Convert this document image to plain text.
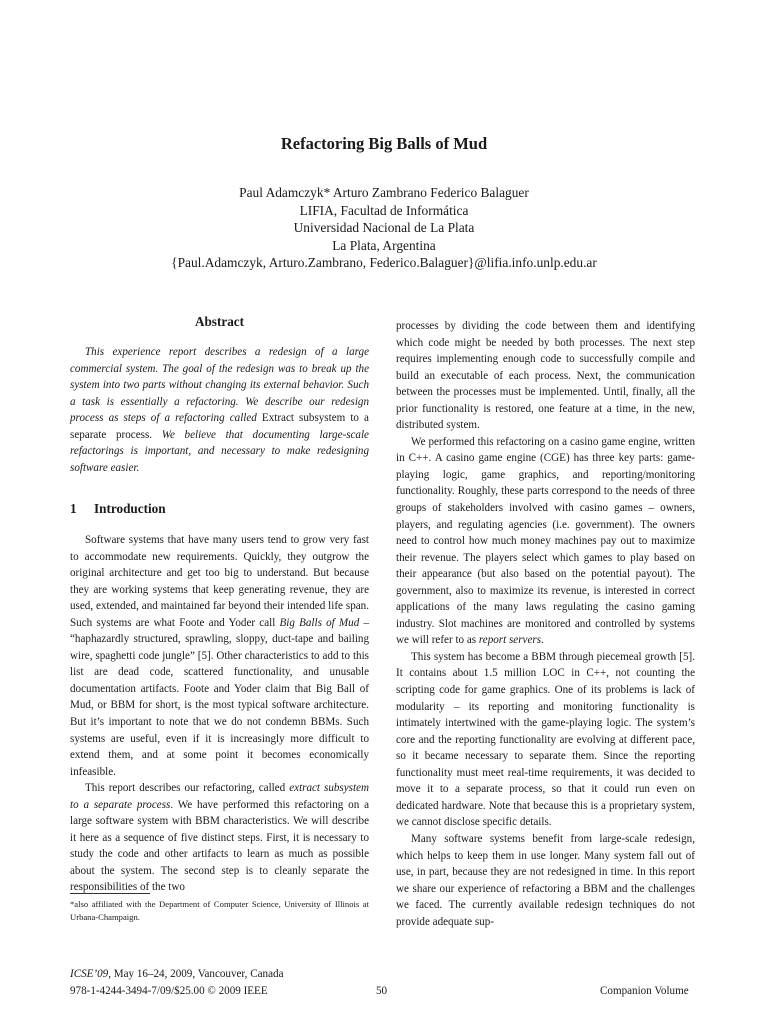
Refactoring Big Balls of Mud
Paul Adamczyk* Arturo Zambrano Federico Balaguer
LIFIA, Facultad de Informática
Universidad Nacional de La Plata
La Plata, Argentina
{Paul.Adamczyk, Arturo.Zambrano, Federico.Balaguer}@lifia.info.unlp.edu.ar
Abstract

This experience report describes a redesign of a large commercial system. The goal of the redesign was to break up the system into two parts without changing its external behavior. Such a task is essentially a refactoring. We describe our redesign process as steps of a refactoring called Extract subsystem to a separate process. We believe that documenting large-scale refactorings is important, and necessary to make redesigning software easier.

1 Introduction

Software systems that have many users tend to grow very fast to accommodate new requirements. Quickly, they outgrow the original architecture and get too big to understand. But because they are working systems that keep generating revenue, they are used, extended, and maintained far beyond their intended life span. Such systems are what Foote and Yoder call Big Balls of Mud – “haphazardly structured, sprawling, sloppy, duct-tape and bailing wire, spaghetti code jungle” [5]. Other characteristics to add to this list are dead code, scattered functionality, and unusable documentation artifacts. Foote and Yoder claim that Big Ball of Mud, or BBM for short, is the most typical software architecture. But it’s important to note that we do not condemn BBMs. Such systems are useful, even if it is increasingly more difficult to extend them, and at some point it becomes economically infeasible.

This report describes our refactoring, called extract subsystem to a separate process. We have performed this refactoring on a large software system with BBM characteristics. We will describe it here as a sequence of five distinct steps. First, it is necessary to study the code and other artifacts to learn as much as possible about the system. The second step is to cleanly separate the responsibilities of the two

processes by dividing the code between them and identifying which code might be needed by both processes. The next step requires implementing enough code to successfully compile and build an executable of each process. Next, the communication between the processes must be implemented. Until, finally, all the prior functionality is restored, one feature at a time, in the new, distributed system.

We performed this refactoring on a casino game engine, written in C++. A casino game engine (CGE) has three key parts: game-playing logic, game graphics, and reporting/monitoring functionality. Roughly, these parts correspond to the needs of three groups of stakeholders involved with casino games – owners, players, and regulating agencies (i.e. government). The owners need to control how much money machines pay out to maximize their revenue. The players select which games to play based on their appearance (but also based on the potential payout). The government, also to maximize its revenue, is interested in correct applications of the many laws regulating the casino gaming industry. Slot machines are monitored and controlled by systems we will refer to as report servers.

This system has become a BBM through piecemeal growth [5]. It contains about 1.5 million LOC in C++, not counting the scripting code for game graphics. One of its problems is lack of modularity – its reporting and monitoring functionality is intimately intertwined with the game-playing logic. The system’s core and the reporting functionality are evolving at different pace, so it became necessary to separate them. Since the reporting functionality must meet real-time requirements, it was decided to move it to a separate process, so that it could run even on dedicated hardware. Note that because this is a proprietary system, we cannot disclose specific details.

Many software systems benefit from large-scale redesign, which helps to keep them in use longer. Many system fall out of use, in part, because they are not redesigned in time. In this report we share our experience of refactoring a BBM and the challenges we faced. The currently available redesign techniques do not provide adequate sup-

*also affiliated with the Department of Computer Science, University of Illinois at Urbana-Champaign.
ICSE’09, May 16–24, 2009, Vancouver, Canada
978-1-4244-3494-7/09/$25.00 © 2009 IEEE	50	Companion Volume
